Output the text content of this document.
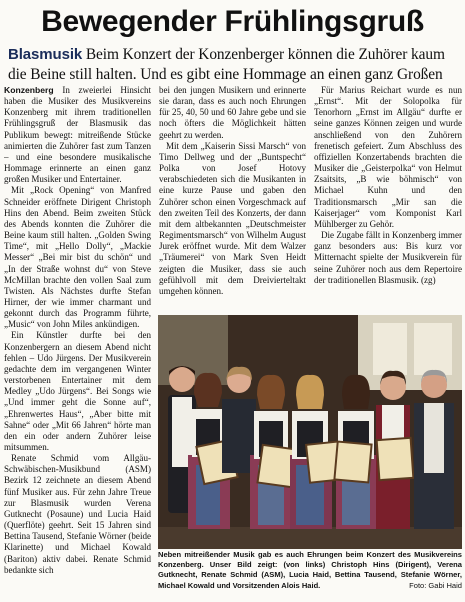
Bewegender Frühlingsgruß
Blasmusik Beim Konzert der Konzenberger können die Zuhörer kaum die Beine still halten. Und es gibt eine Hommage an einen ganz Großen

Konzenberg In zweierlei Hinsicht haben die Musiker des Musikvereins Konzenberg mit ihrem traditionellen Frühlingsgruß der Blasmusik das Publikum bewegt: mitreißende Stücke animierten die Zuhörer fast zum Tanzen – und eine besondere musikalische Hommage erinnerte an einen ganz großen Musiker und Entertainer.

Mit „Rock Opening“ von Manfred Schneider eröffnete Dirigent Christoph Hins den Abend. Beim zweiten Stück des Abends konnten die Zuhörer die Beine kaum still halten. „Golden Swing Time“, mit „Hello Dolly“, „Mackie Messer“ „Bei mir bist du schön“ und „In der Straße wohnst du“ von Steve McMillan brachte den vollen Saal zum Twisten. Als Nächstes durfte Stefan Hirner, der wie immer charmant und gekonnt durch das Programm führte, „Music“ von John Miles ankündigen.

Ein Künstler durfte bei den Konzenbergern an diesem Abend nicht fehlen – Udo Jürgens. Der Musikverein gedachte dem im vergangenen Winter verstorbenen Entertainer mit dem Medley „Udo Jürgens“. Bei Songs wie „Und immer geht die Sonne auf“, „Ehrenwertes Haus“, „Aber bitte mit Sahne“ oder „Mit 66 Jahren“ hörte man den ein oder andern Zuhörer leise mitsummen.

Renate Schmid vom Allgäu-Schwäbischen-Musikbund (ASM) Bezirk 12 zeichnete an diesem Abend fünf Musiker aus. Für zehn Jahre Treue zur Blasmusik wurden Verena Gutknecht (Posaune) und Lucia Haid (Querflöte) geehrt. Seit 15 Jahren sind Bettina Tausend, Stefanie Wörner (beide Klarinette) und Michael Kowald (Bariton) aktiv dabei. Renate Schmid bedankte sich

bei den jungen Musikern und erinnerte sie daran, dass es auch noch Ehrungen für 25, 40, 50 und 60 Jahre gebe und sie noch öfters die Möglichkeit hätten geehrt zu werden.

Mit dem „Kaiserin Sissi Marsch“ von Timo Dellweg und der „Buntspecht“ Polka von Josef Hotovy verabschiedeten sich die Musikanten in eine kurze Pause und gaben den Zuhörer schon einen Vorgeschmack auf den zweiten Teil des Konzerts, der dann mit dem altbekannten „Deutschmeister Regimentsmarsch“ von Wilhelm August Jurek eröffnet wurde. Mit dem Walzer „Träumerei“ von Mark Sven Heidt zeigten die Musiker, dass sie auch gefühlvoll mit dem Dreivierteltakt umgehen können.

Für Marius Reichart wurde es nun „Ernst“. Mit der Solopolka für Tenorhorn „Ernst im Allgäu“ durfte er seine ganzes Können zeigen und wurde anschließend von den Zuhörern frenetisch gefeiert. Zum Abschluss des offiziellen Konzertabends brachten die Musiker die „Geisterpolka“ von Helmut Zsaitsits, „B wie böhmisch“ von Michael Kuhn und den Traditionsmarsch „Mir san die Kaiserjager“ vom Komponist Karl Mühlberger zu Gehör.

Die Zugabe fällt in Konzenberg immer ganz besonders aus: Bis kurz vor Mitternacht spielte der Musikverein für seine Zuhörer noch aus dem Repertoire der traditionellen Blasmusik. (zg)

Neben mitreißender Musik gab es auch Ehrungen beim Konzert des Musikvereins Konzenberg. Unser Bild zeigt: (von links) Christoph Hins (Dirigent), Verena Gutknecht, Renate Schmid (ASM), Lucia Haid, Bettina Tausend, Stefanie Wörner, Michael Kowald und Vorsitzenden Alois Haid.	Foto: Gabi Haid
